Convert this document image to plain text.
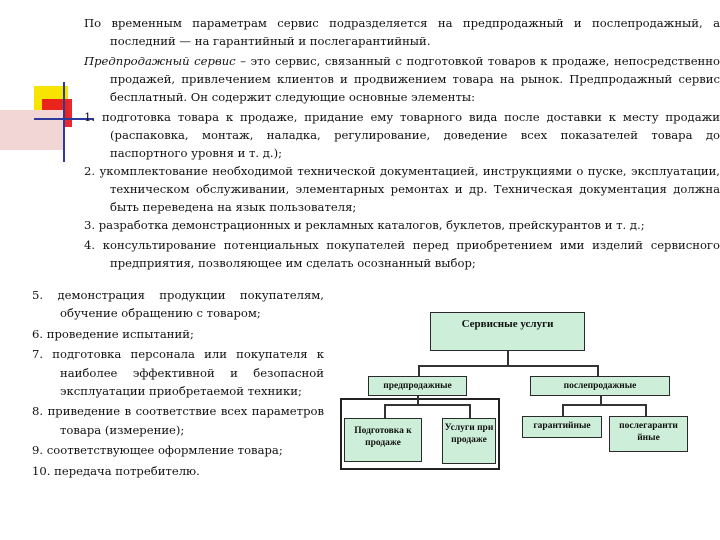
По временным параметрам сервис подразделяется на предпродажный и послепродажный, а последний — на гарантийный и послегарантийный.

Предпродажный сервис – это сервис, связанный с подготовкой товаров к продаже, непосредственно продажей, привлечением клиентов и продвижением товара на рынок. Предпродажный сервис бесплатный. Он содержит следующие основные элементы:

1. подготовка товара к продаже, придание ему товарного вида после доставки к месту продажи (распаковка, монтаж, наладка, регулирование, доведение всех показателей товара до паспортного уровня и т. д.);

2. укомплектование необходимой технической документацией, инструкциями о пуске, эксплуатации, техническом обслуживании, элементарных ремонтах и др. Техническая документация должна быть переведена на язык пользователя;

3. разработка демонстрационных и рекламных каталогов, буклетов, прейскурантов и т. д.;

4. консультирование потенциальных покупателей перед приобретением ими изделий сервисного предприятия, позволяющее им сделать осознанный выбор;

5. демонстрация продукции покупателям, обучение обращению с товаром;

6. проведение испытаний;

7. подготовка персонала или покупателя к наиболее эффективной и безопасной эксплуатации приобретаемой техники;

8. приведение в соответствие всех параметров товара (измерение);

9. соответствующее оформление товара;

10. передача потребителю.

Сервисные услуги
предпродажные	послепродажные
Подготовка к продаже
Услуги при продаже
гарантийные	послегаранти йные
